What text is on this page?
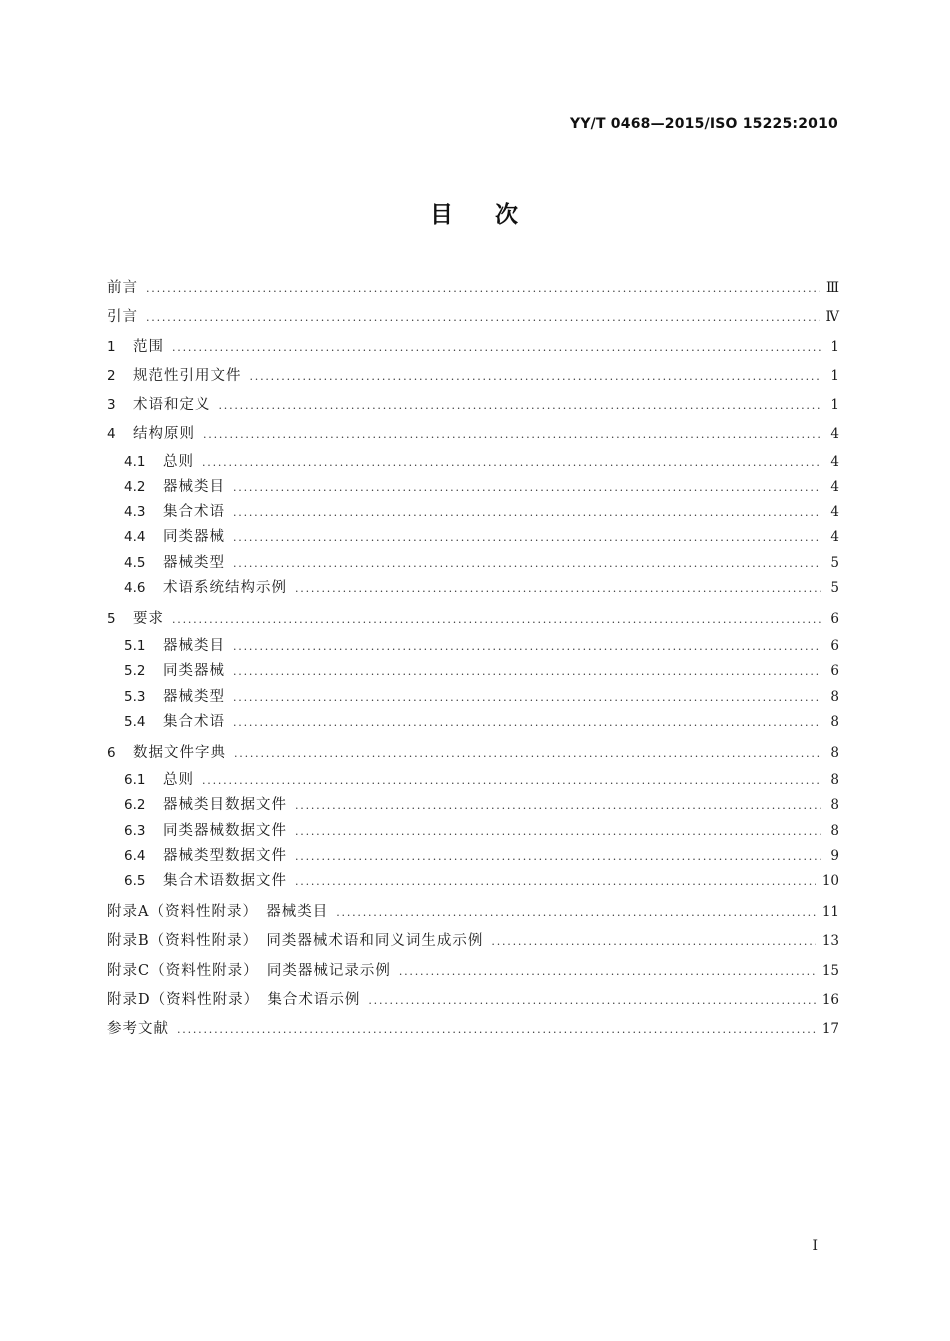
YY/T 0468—2015/ISO 15225:2010
目次
前言 .....	Ⅲ
引言 .....	Ⅳ
1	范围 .....	1
2	规范性引用文件 .....	1
3	术语和定义 .....	1
4	结构原则 .....	4
4.1	总则 .....	4
4.2	器械类目 .....	4
4.3	集合术语 .....	4
4.4	同类器械 .....	4
4.5	器械类型 .....	5
4.6	术语系统结构示例 .....	5
5	要求 .....	6
5.1	器械类目 .....	6
5.2	同类器械 .....	6
5.3	器械类型 .....	8
5.4	集合术语 .....	8
6	数据文件字典 .....	8
6.1	总则 .....	8
6.2	器械类目数据文件 .....	8
6.3	同类器械数据文件 .....	8
6.4	器械类型数据文件 .....	9
6.5	集合术语数据文件 .....	10
附录A（资料性附录）　器械类目 .....	11
附录B（资料性附录）　同类器械术语和同义词生成示例 .....	13
附录C（资料性附录）　同类器械记录示例 .....	15
附录D（资料性附录）　集合术语示例 .....	16
参考文献 .....	17
I
